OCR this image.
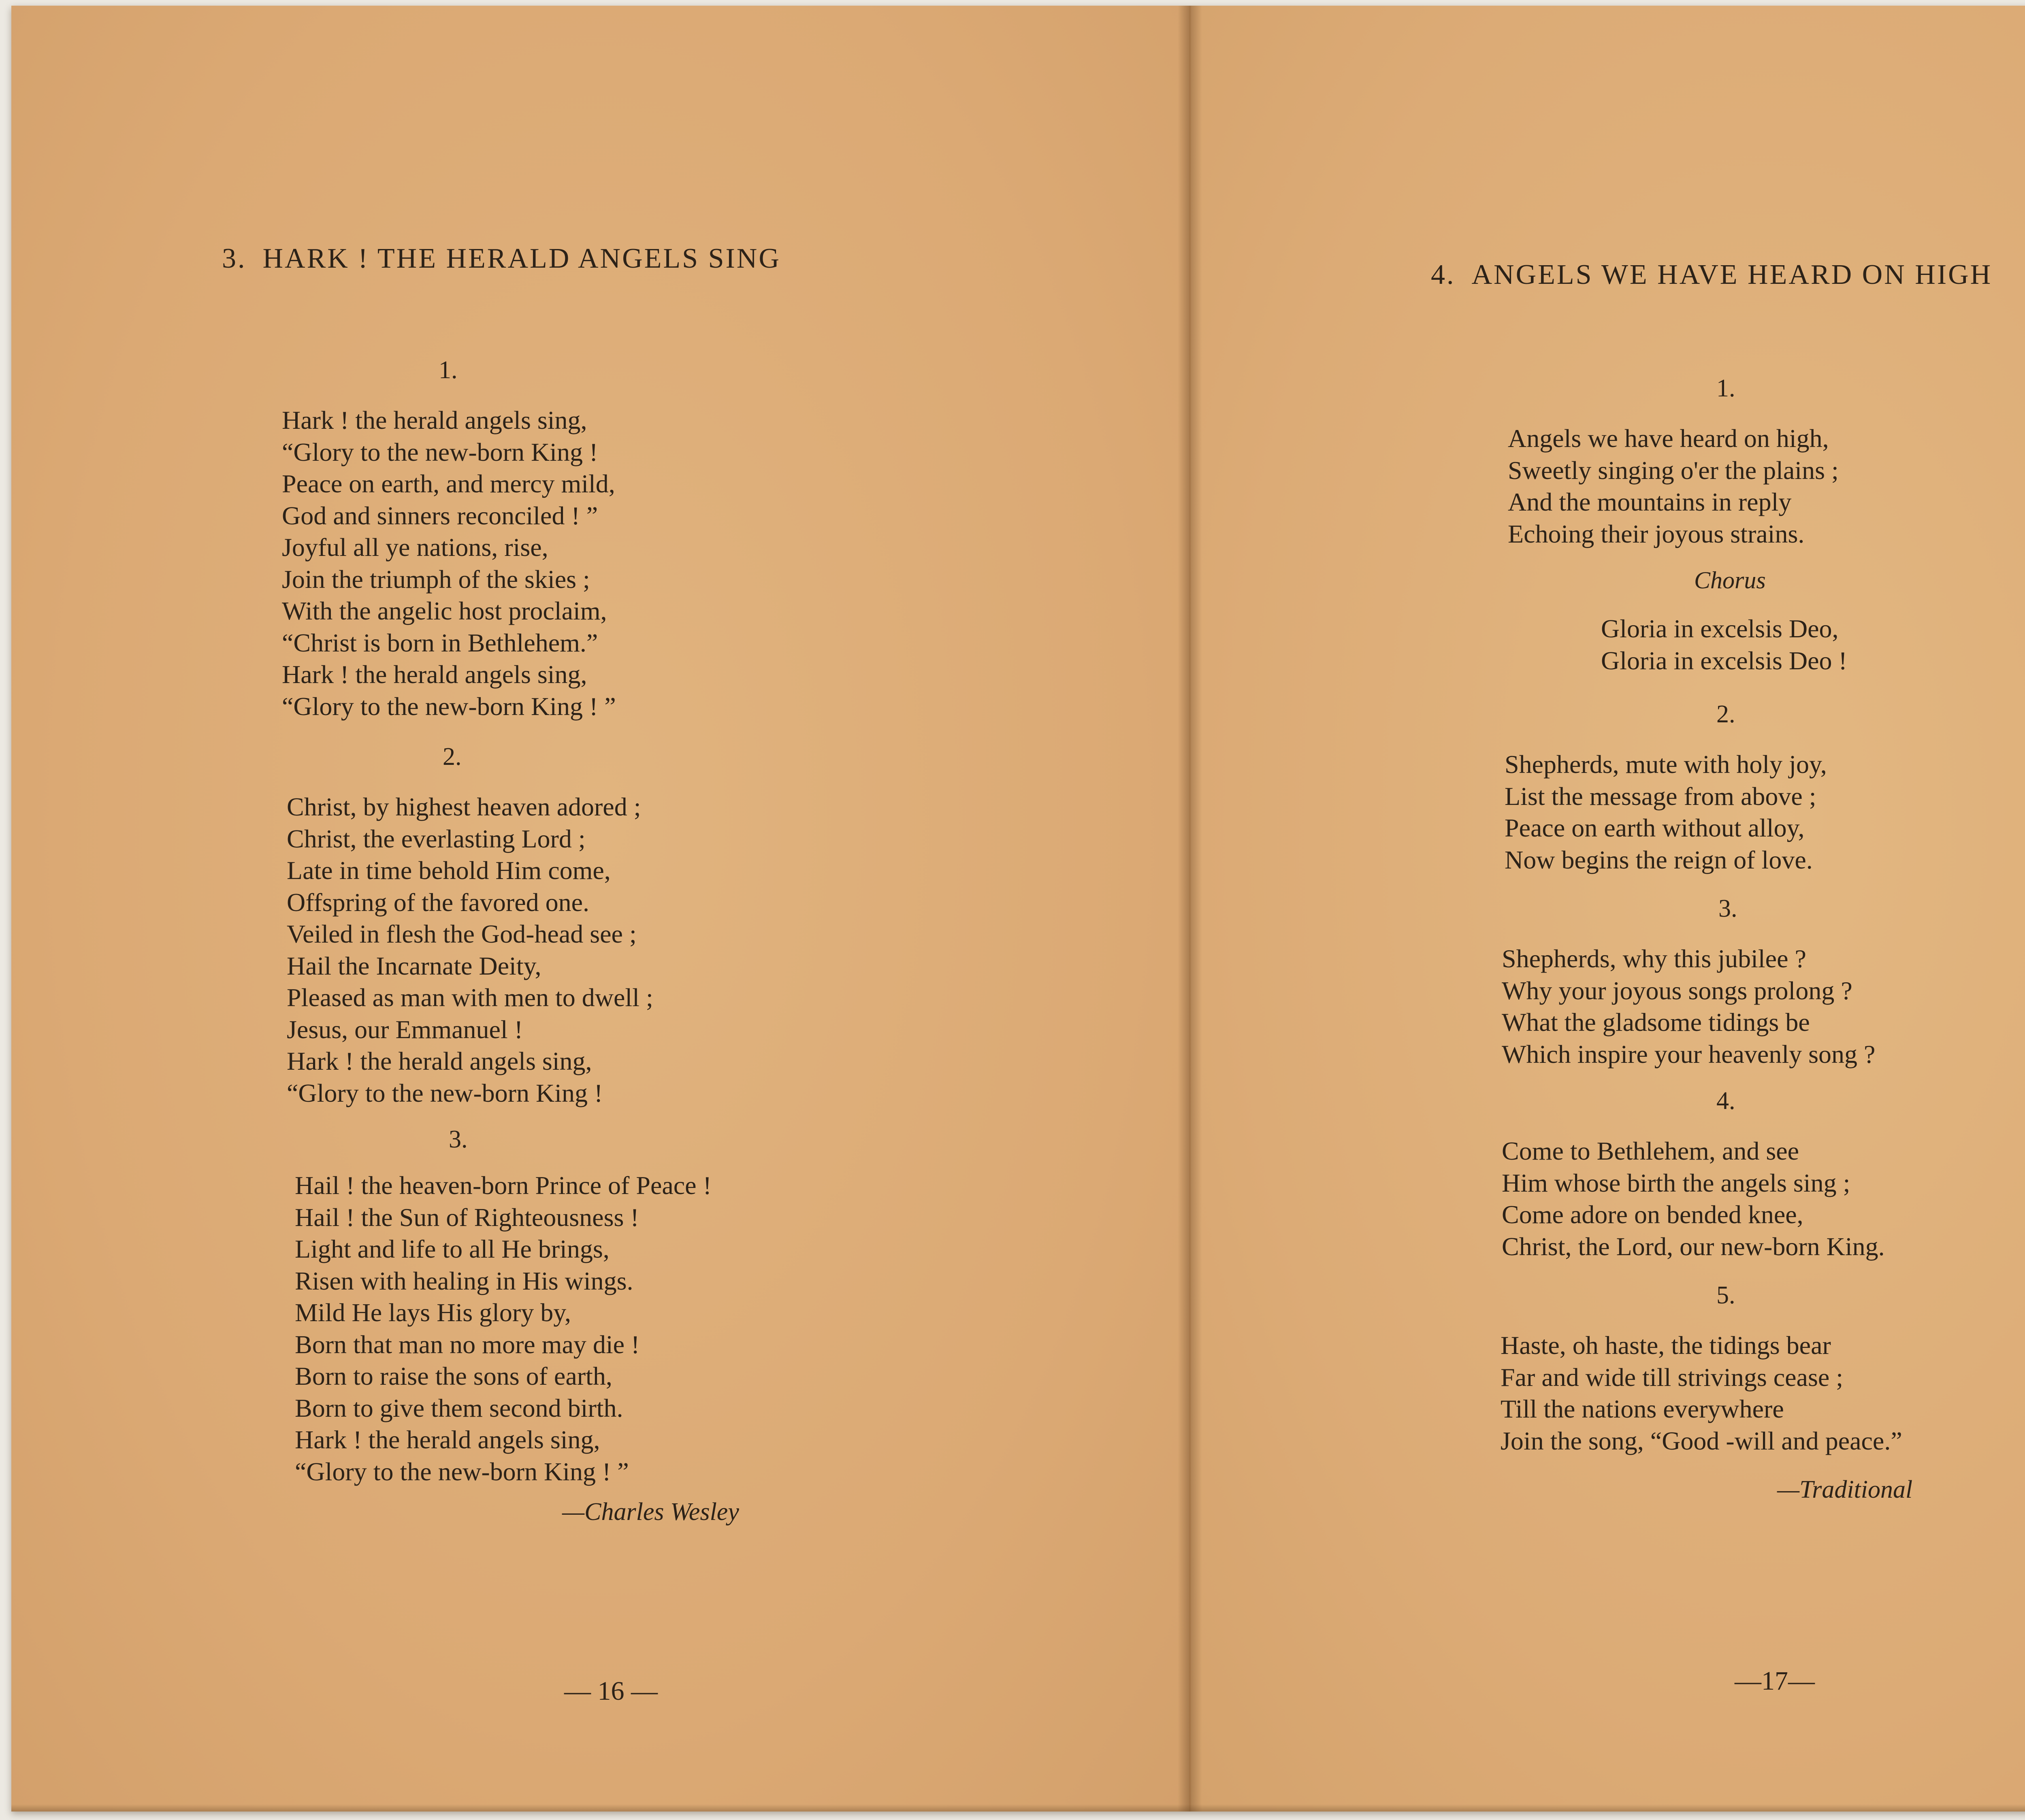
3. HARK ! THE HERALD ANGELS SING
1.
Hark ! the herald angels sing,
“Glory to the new-born King !
Peace on earth, and mercy mild,
God and sinners reconciled ! ”
Joyful all ye nations, rise,
Join the triumph of the skies ;
With the angelic host proclaim,
“Christ is born in Bethlehem.”
Hark ! the herald angels sing,
“Glory to the new-born King ! ”
2.
Christ, by highest heaven adored ;
Christ, the everlasting Lord ;
Late in time behold Him come,
Offspring of the favored one.
Veiled in flesh the God-head see ;
Hail the Incarnate Deity,
Pleased as man with men to dwell ;
Jesus, our Emmanuel !
Hark ! the herald angels sing,
“Glory to the new-born King !
3.
Hail ! the heaven-born Prince of Peace !
Hail ! the Sun of Righteousness !
Light and life to all He brings,
Risen with healing in His wings.
Mild He lays His glory by,
Born that man no more may die !
Born to raise the sons of earth,
Born to give them second birth.
Hark ! the herald angels sing,
“Glory to the new-born King ! ”
—Charles Wesley
— 16 —
4. ANGELS WE HAVE HEARD ON HIGH
1.
Angels we have heard on high,
Sweetly singing o'er the plains ;
And the mountains in reply
Echoing their joyous strains.
Chorus
Gloria in excelsis Deo,
Gloria in excelsis Deo !
2.
Shepherds, mute with holy joy,
List the message from above ;
Peace on earth without alloy,
Now begins the reign of love.
3.
Shepherds, why this jubilee ?
Why your joyous songs prolong ?
What the gladsome tidings be
Which inspire your heavenly song ?
4.
Come to Bethlehem, and see
Him whose birth the angels sing ;
Come adore on bended knee,
Christ, the Lord, our new-born King.
5.
Haste, oh haste, the tidings bear
Far and wide till strivings cease ;
Till the nations everywhere
Join the song, “Good -will and peace.”
—Traditional
—17—
